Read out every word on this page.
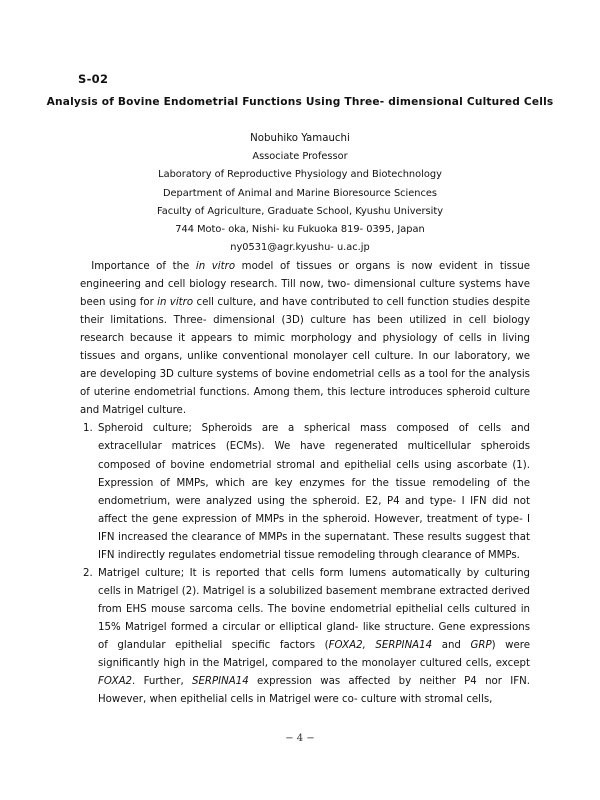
S-02
Analysis of Bovine Endometrial Functions Using Three- dimensional Cultured Cells
Nobuhiko Yamauchi
Associate Professor
Laboratory of Reproductive Physiology and Biotechnology
Department of Animal and Marine Bioresource Sciences
Faculty of Agriculture, Graduate School, Kyushu University
744 Moto- oka, Nishi- ku Fukuoka 819- 0395, Japan
ny0531@agr.kyushu- u.ac.jp

Importance of the in vitro model of tissues or organs is now evident in tissue engineering and cell biology research. Till now, two- dimensional culture systems have been using for in vitro cell culture, and have contributed to cell function studies despite their limitations. Three- dimensional (3D) culture has been utilized in cell biology research because it appears to mimic morphology and physiology of cells in living tissues and organs, unlike conventional monolayer cell culture. In our laboratory, we are developing 3D culture systems of bovine endometrial cells as a tool for the analysis of uterine endometrial functions. Among them, this lecture introduces spheroid culture and Matrigel culture.

1. Spheroid culture; Spheroids are a spherical mass composed of cells and extracellular matrices (ECMs). We have regenerated multicellular spheroids composed of bovine endometrial stromal and epithelial cells using ascorbate (1). Expression of MMPs, which are key enzymes for the tissue remodeling of the endometrium, were analyzed using the spheroid. E2, P4 and type- I IFN did not affect the gene expression of MMPs in the spheroid. However, treatment of type- I IFN increased the clearance of MMPs in the supernatant. These results suggest that IFN indirectly regulates endometrial tissue remodeling through clearance of MMPs.
2. Matrigel culture; It is reported that cells form lumens automatically by culturing cells in Matrigel (2). Matrigel is a solubilized basement membrane extracted derived from EHS mouse sarcoma cells. The bovine endometrial epithelial cells cultured in 15% Matrigel formed a circular or elliptical gland- like structure. Gene expressions of glandular epithelial specific factors (FOXA2, SERPINA14 and GRP) were significantly high in the Matrigel, compared to the monolayer cultured cells, except FOXA2. Further, SERPINA14 expression was affected by neither P4 nor IFN. However, when epithelial cells in Matrigel were co- culture with stromal cells,
− 4 −
